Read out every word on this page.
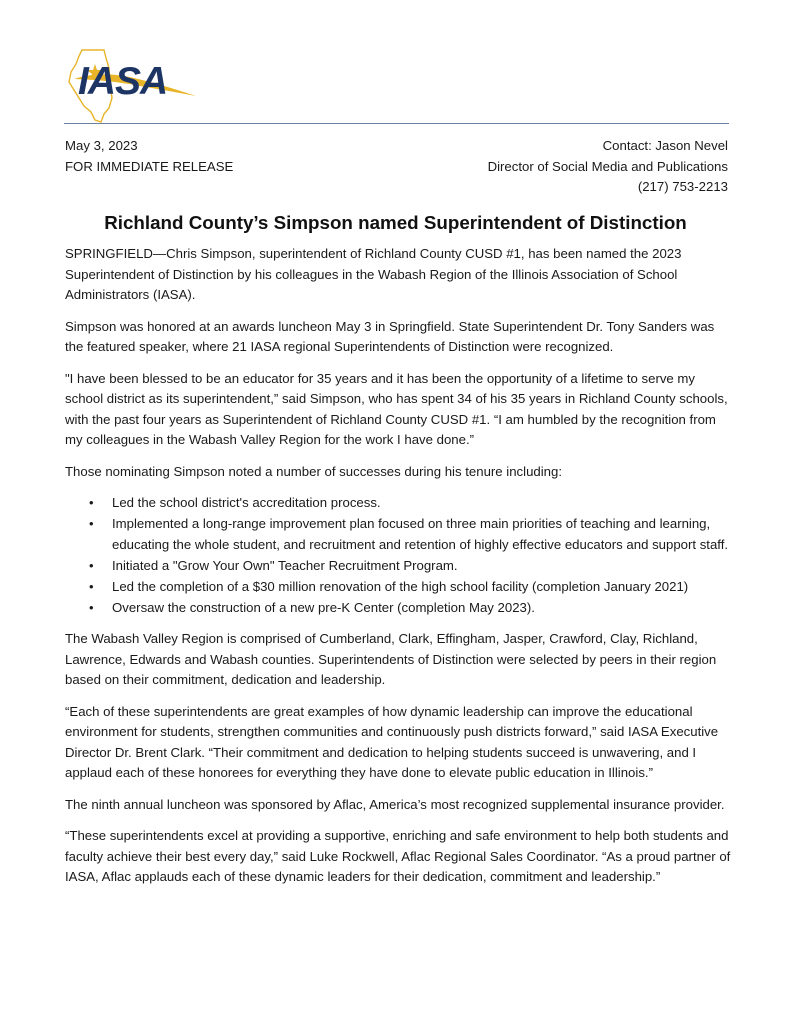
IASA
May 3, 2023
FOR IMMEDIATE RELEASE
Contact: Jason Nevel
Director of Social Media and Publications
(217) 753-2213
Richland County’s Simpson named Superintendent of Distinction

SPRINGFIELD—Chris Simpson, superintendent of Richland County CUSD #1, has been named the 2023 Superintendent of Distinction by his colleagues in the Wabash Region of the Illinois Association of School Administrators (IASA).

Simpson was honored at an awards luncheon May 3 in Springfield. State Superintendent Dr. Tony Sanders was the featured speaker, where 21 IASA regional Superintendents of Distinction were recognized.

"I have been blessed to be an educator for 35 years and it has been the opportunity of a lifetime to serve my school district as its superintendent,” said Simpson, who has spent 34 of his 35 years in Richland County schools, with the past four years as Superintendent of Richland County CUSD #1. “I am humbled by the recognition from my colleagues in the Wabash Valley Region for the work I have done.”

Those nominating Simpson noted a number of successes during his tenure including:

• Led the school district's accreditation process.
• Implemented a long-range improvement plan focused on three main priorities of teaching and learning, educating the whole student, and recruitment and retention of highly effective educators and support staff.
• Initiated a "Grow Your Own" Teacher Recruitment Program.
• Led the completion of a $30 million renovation of the high school facility (completion January 2021)
• Oversaw the construction of a new pre-K Center (completion May 2023).

The Wabash Valley Region is comprised of Cumberland, Clark, Effingham, Jasper, Crawford, Clay, Richland, Lawrence, Edwards and Wabash counties. Superintendents of Distinction were selected by peers in their region based on their commitment, dedication and leadership.

“Each of these superintendents are great examples of how dynamic leadership can improve the educational environment for students, strengthen communities and continuously push districts forward,” said IASA Executive Director Dr. Brent Clark. “Their commitment and dedication to helping students succeed is unwavering, and I applaud each of these honorees for everything they have done to elevate public education in Illinois.”

The ninth annual luncheon was sponsored by Aflac, America’s most recognized supplemental insurance provider.

“These superintendents excel at providing a supportive, enriching and safe environment to help both students and faculty achieve their best every day,” said Luke Rockwell, Aflac Regional Sales Coordinator. “As a proud partner of IASA, Aflac applauds each of these dynamic leaders for their dedication, commitment and leadership.”
